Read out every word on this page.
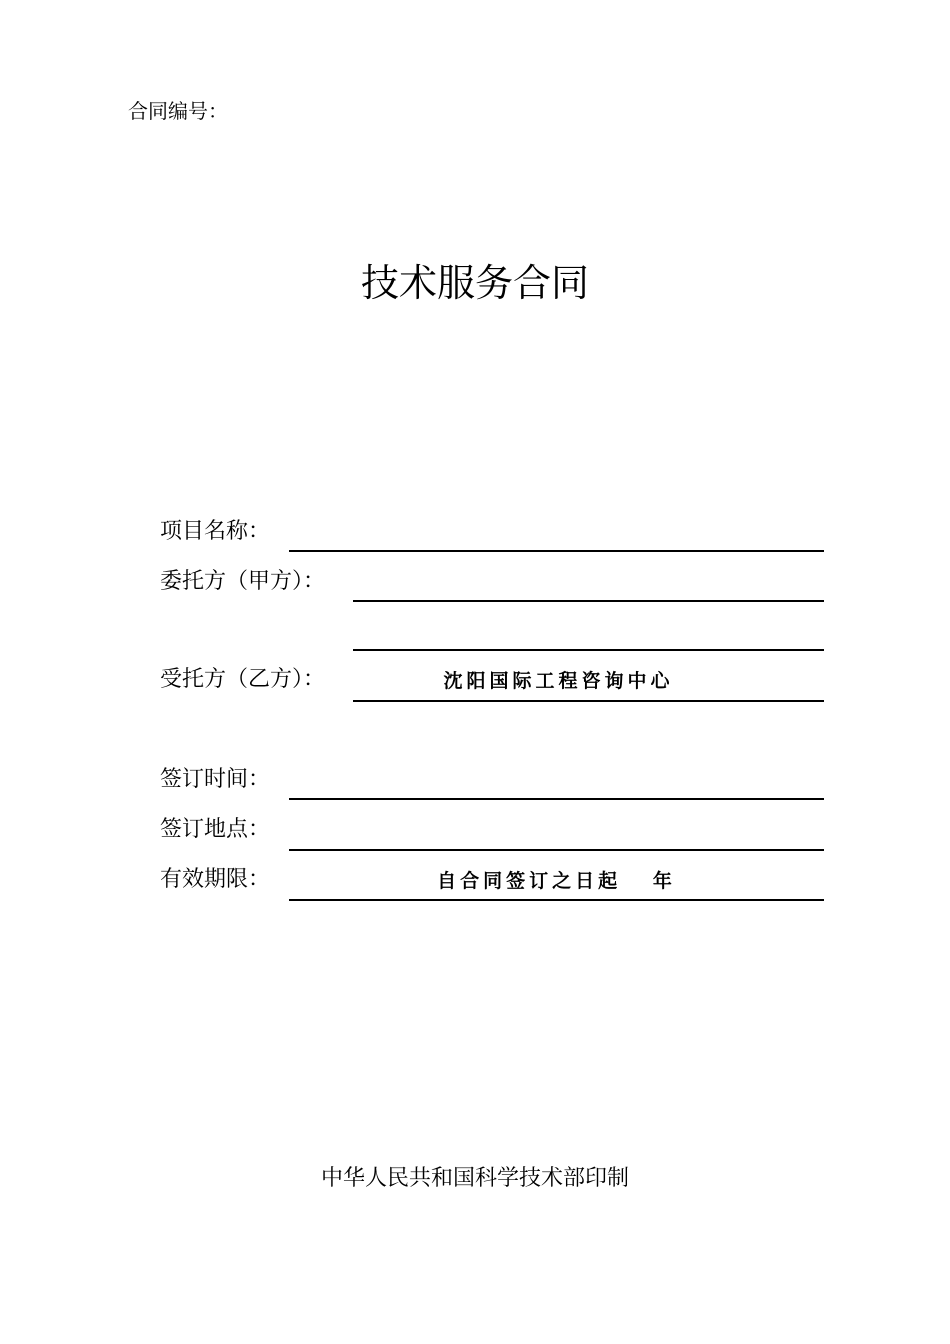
合同编号：
技术服务合同
项目名称：
委托方（甲方）：
受托方（乙方）：	沈阳国际工程咨询中心
签订时间：
签订地点：
有效期限：	自合同签订之日起   年
中华人民共和国科学技术部印制
